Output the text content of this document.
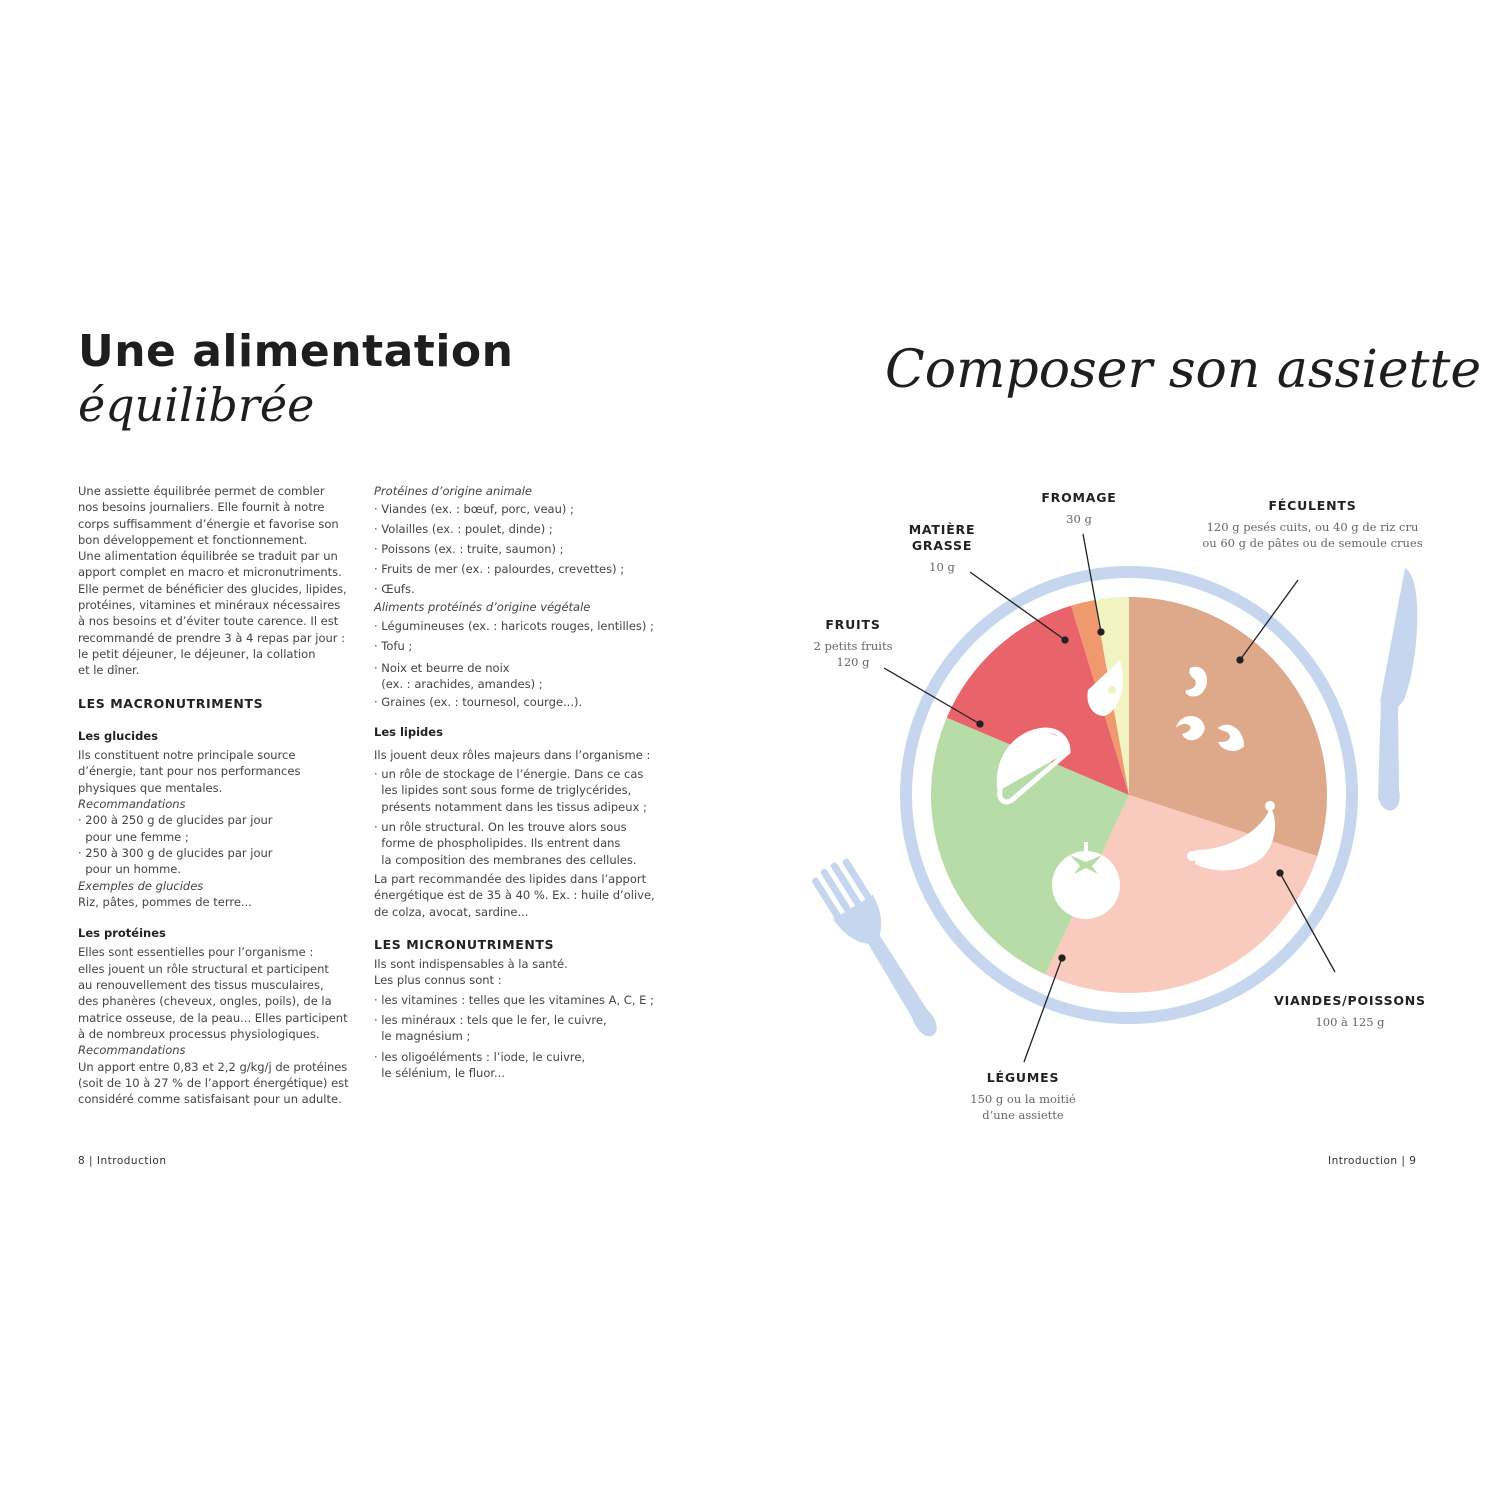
Une alimentation
équilibrée

Une assiette équilibrée permet de combler

nos besoins journaliers. Elle fournit à notre

corps suffisamment d’énergie et favorise son

bon développement et fonctionnement.

Une alimentation équilibrée se traduit par un

apport complet en macro et micronutriments.

Elle permet de bénéficier des glucides, lipides,

protéines, vitamines et minéraux nécessaires

à nos besoins et d’éviter toute carence. Il est

recommandé de prendre 3 à 4 repas par jour :

le petit déjeuner, le déjeuner, la collation

et le dîner.

LES MACRONUTRIMENTS

Les glucides

Ils constituent notre principale source

d’énergie, tant pour nos performances

physiques que mentales.

Recommandations

· 200 à 250 g de glucides par jour

pour une femme ;

· 250 à 300 g de glucides par jour

pour un homme.

Exemples de glucides

Riz, pâtes, pommes de terre...

Les protéines

Elles sont essentielles pour l’organisme :

elles jouent un rôle structural et participent

au renouvellement des tissus musculaires,

des phanères (cheveux, ongles, poils), de la

matrice osseuse, de la peau... Elles participent

à de nombreux processus physiologiques.

Recommandations

Un apport entre 0,83 et 2,2 g/kg/j de protéines

(soit de 10 à 27 % de l’apport énergétique) est

considéré comme satisfaisant pour un adulte.

Protéines d’origine animale

· Viandes (ex. : bœuf, porc, veau) ;

· Volailles (ex. : poulet, dinde) ;

· Poissons (ex. : truite, saumon) ;

· Fruits de mer (ex. : palourdes, crevettes) ;

· Œufs.

Aliments protéinés d’origine végétale

· Légumineuses (ex. : haricots rouges, lentilles) ;

· Tofu ;

· Noix et beurre de noix

(ex. : arachides, amandes) ;

· Graines (ex. : tournesol, courge...).

Les lipides

Ils jouent deux rôles majeurs dans l’organisme :

· un rôle de stockage de l’énergie. Dans ce cas

les lipides sont sous forme de triglycérides,

présents notamment dans les tissus adipeux ;

· un rôle structural. On les trouve alors sous

forme de phospholipides. Ils entrent dans

la composition des membranes des cellules.

La part recommandée des lipides dans l’apport

énergétique est de 35 à 40 %. Ex. : huile d’olive,

de colza, avocat, sardine...

LES MICRONUTRIMENTS

Ils sont indispensables à la santé.

Les plus connus sont :

· les vitamines : telles que les vitamines A, C, E ;

· les minéraux : tels que le fer, le cuivre,

le magnésium ;

· les oligoéléments : l’iode, le cuivre,

le sélénium, le fluor...

8 | Introduction
Composer son assiette
FROMAGE
30 g
FÉCULENTS
120 g pesés cuits, ou 40 g de riz cru
ou 60 g de pâtes ou de semoule crues
MATIÈRE
GRASSE
10 g
FRUITS
2 petits fruits
120 g
VIANDES/POISSONS
100 à 125 g
LÉGUMES
150 g ou la moitié
d’une assiette
Introduction | 9
